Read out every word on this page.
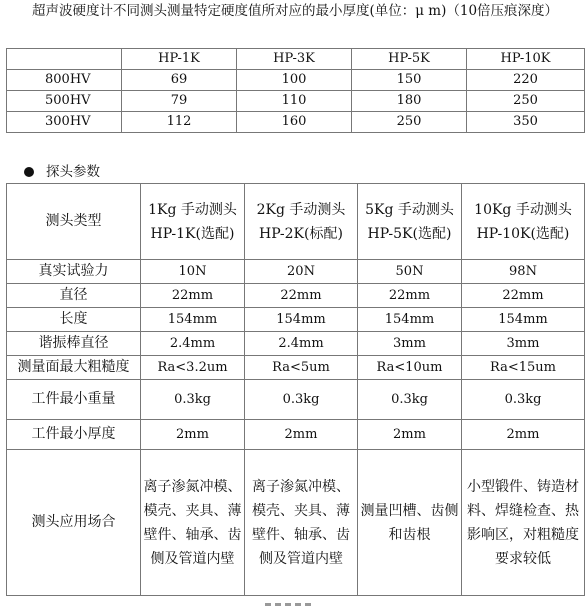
超声波硬度计不同测头测量特定硬度值所对应的最小厚度(单位：μ m)（10倍压痕深度）
	HP-1K	HP-3K	HP-5K	HP-10K
800HV	69	100	150	220
500HV	79	110	180	250
300HV	112	160	250	350
探头参数
测头类型	1Kg 手动测头 HP-1K(选配)	2Kg 手动测头 HP-2K(标配)	5Kg 手动测头 HP-5K(选配)	10Kg 手动测头 HP-10K(选配)
真实试验力	10N	20N	50N	98N
直径	22mm	22mm	22mm	22mm
长度	154mm	154mm	154mm	154mm
谐振棒直径	2.4mm	2.4mm	3mm	3mm
测量面最大粗糙度	Ra<3.2um	Ra<5um	Ra<10um	Ra<15um
工件最小重量	0.3kg	0.3kg	0.3kg	0.3kg
工件最小厚度	2mm	2mm	2mm	2mm
测头应用场合	离子渗氮冲模、模壳、夹具、薄壁件、轴承、齿侧及管道内壁	离子渗氮冲模、模壳、夹具、薄壁件、轴承、齿侧及管道内壁	测量凹槽、齿侧和齿根	小型锻件、铸造材料、焊缝检查、热影响区，对粗糙度要求较低
